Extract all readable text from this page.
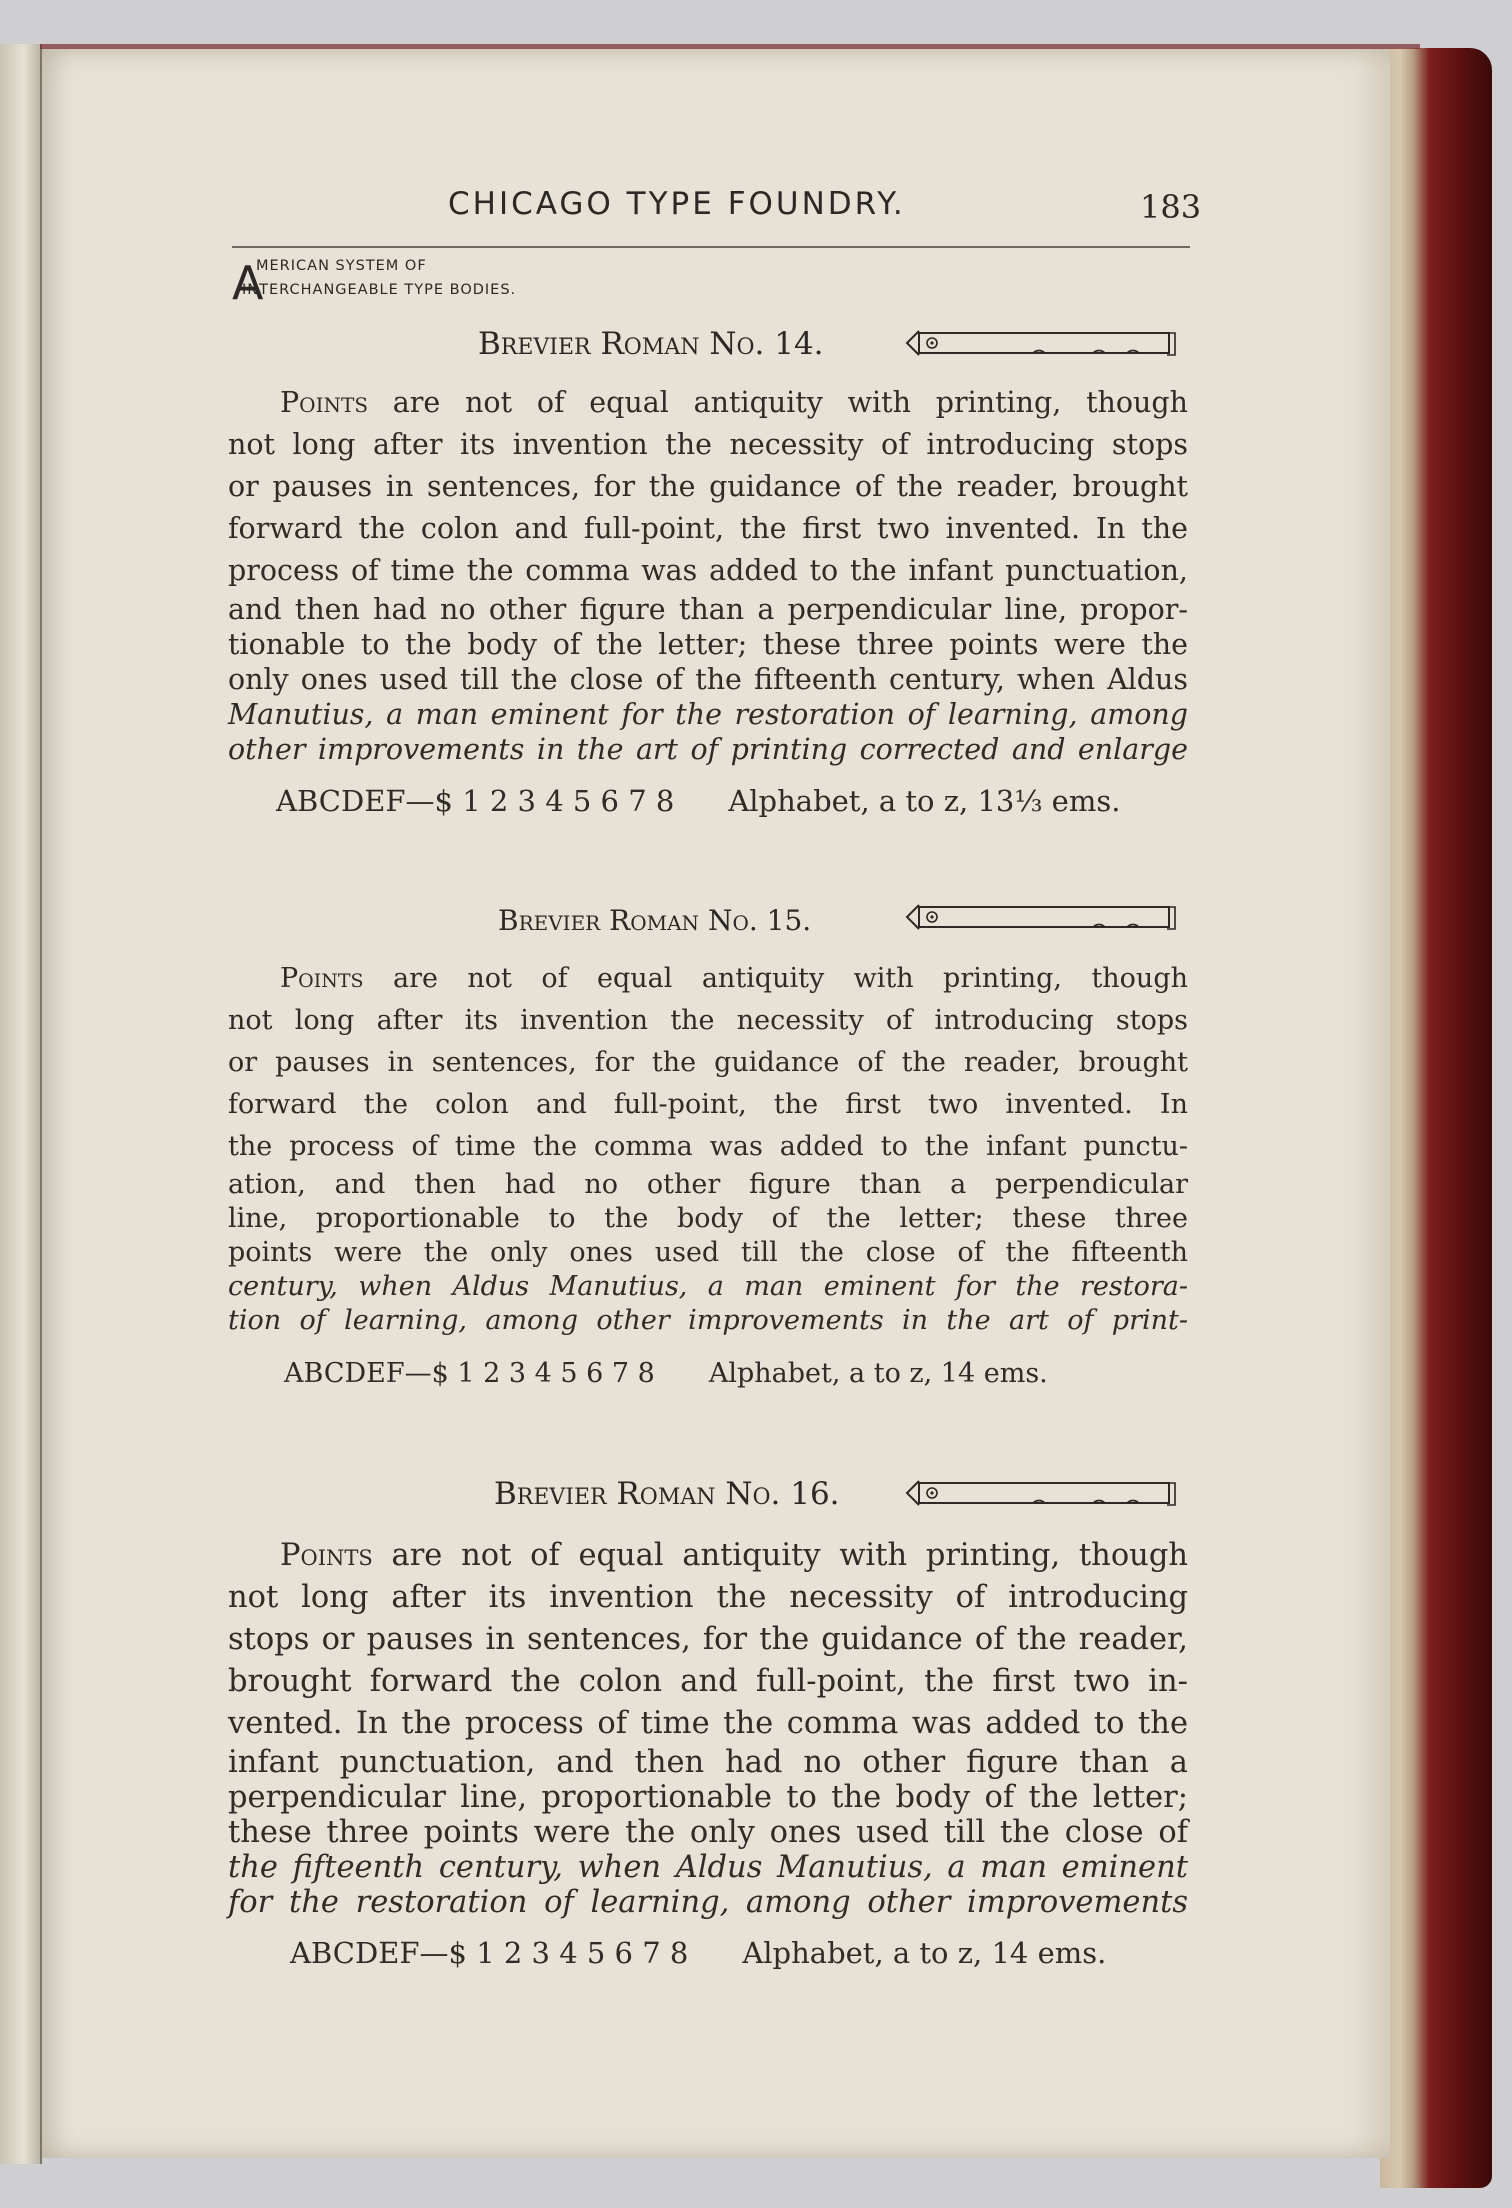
CHICAGO TYPE FOUNDRY.	183
A
MERICAN SYSTEM OF
INTERCHANGEABLE TYPE BODIES.
Brevier Roman No. 14.
Points are not of equal antiquity with printing, though
not long after its invention the necessity of introducing stops
or pauses in sentences, for the guidance of the reader, brought
forward the colon and full-point, the first two invented. In the
process of time the comma was added to the infant punctuation,
and then had no other figure than a perpendicular line, propor-
tionable to the body of the letter; these three points were the
only ones used till the close of the fifteenth century, when Aldus
Manutius, a man eminent for the restoration of learning, among
other improvements in the art of printing corrected and enlarge
ABCDEF—$ 1 2 3 4 5 6 7 8 Alphabet, a to z, 13⅓ ems.
Brevier Roman No. 15.
Points are not of equal antiquity with printing, though
not long after its invention the necessity of introducing stops
or pauses in sentences, for the guidance of the reader, brought
forward the colon and full-point, the first two invented. In
the process of time the comma was added to the infant punctu-
ation, and then had no other figure than a perpendicular
line, proportionable to the body of the letter; these three
points were the only ones used till the close of the fifteenth
century, when Aldus Manutius, a man eminent for the restora-
tion of learning, among other improvements in the art of print-
ABCDEF—$ 1 2 3 4 5 6 7 8 Alphabet, a to z, 14 ems.
Brevier Roman No. 16.
Points are not of equal antiquity with printing, though
not long after its invention the necessity of introducing
stops or pauses in sentences, for the guidance of the reader,
brought forward the colon and full-point, the first two in-
vented. In the process of time the comma was added to the
infant punctuation, and then had no other figure than a
perpendicular line, proportionable to the body of the letter;
these three points were the only ones used till the close of
the fifteenth century, when Aldus Manutius, a man eminent
for the restoration of learning, among other improvements
ABCDEF—$ 1 2 3 4 5 6 7 8 Alphabet, a to z, 14 ems.
